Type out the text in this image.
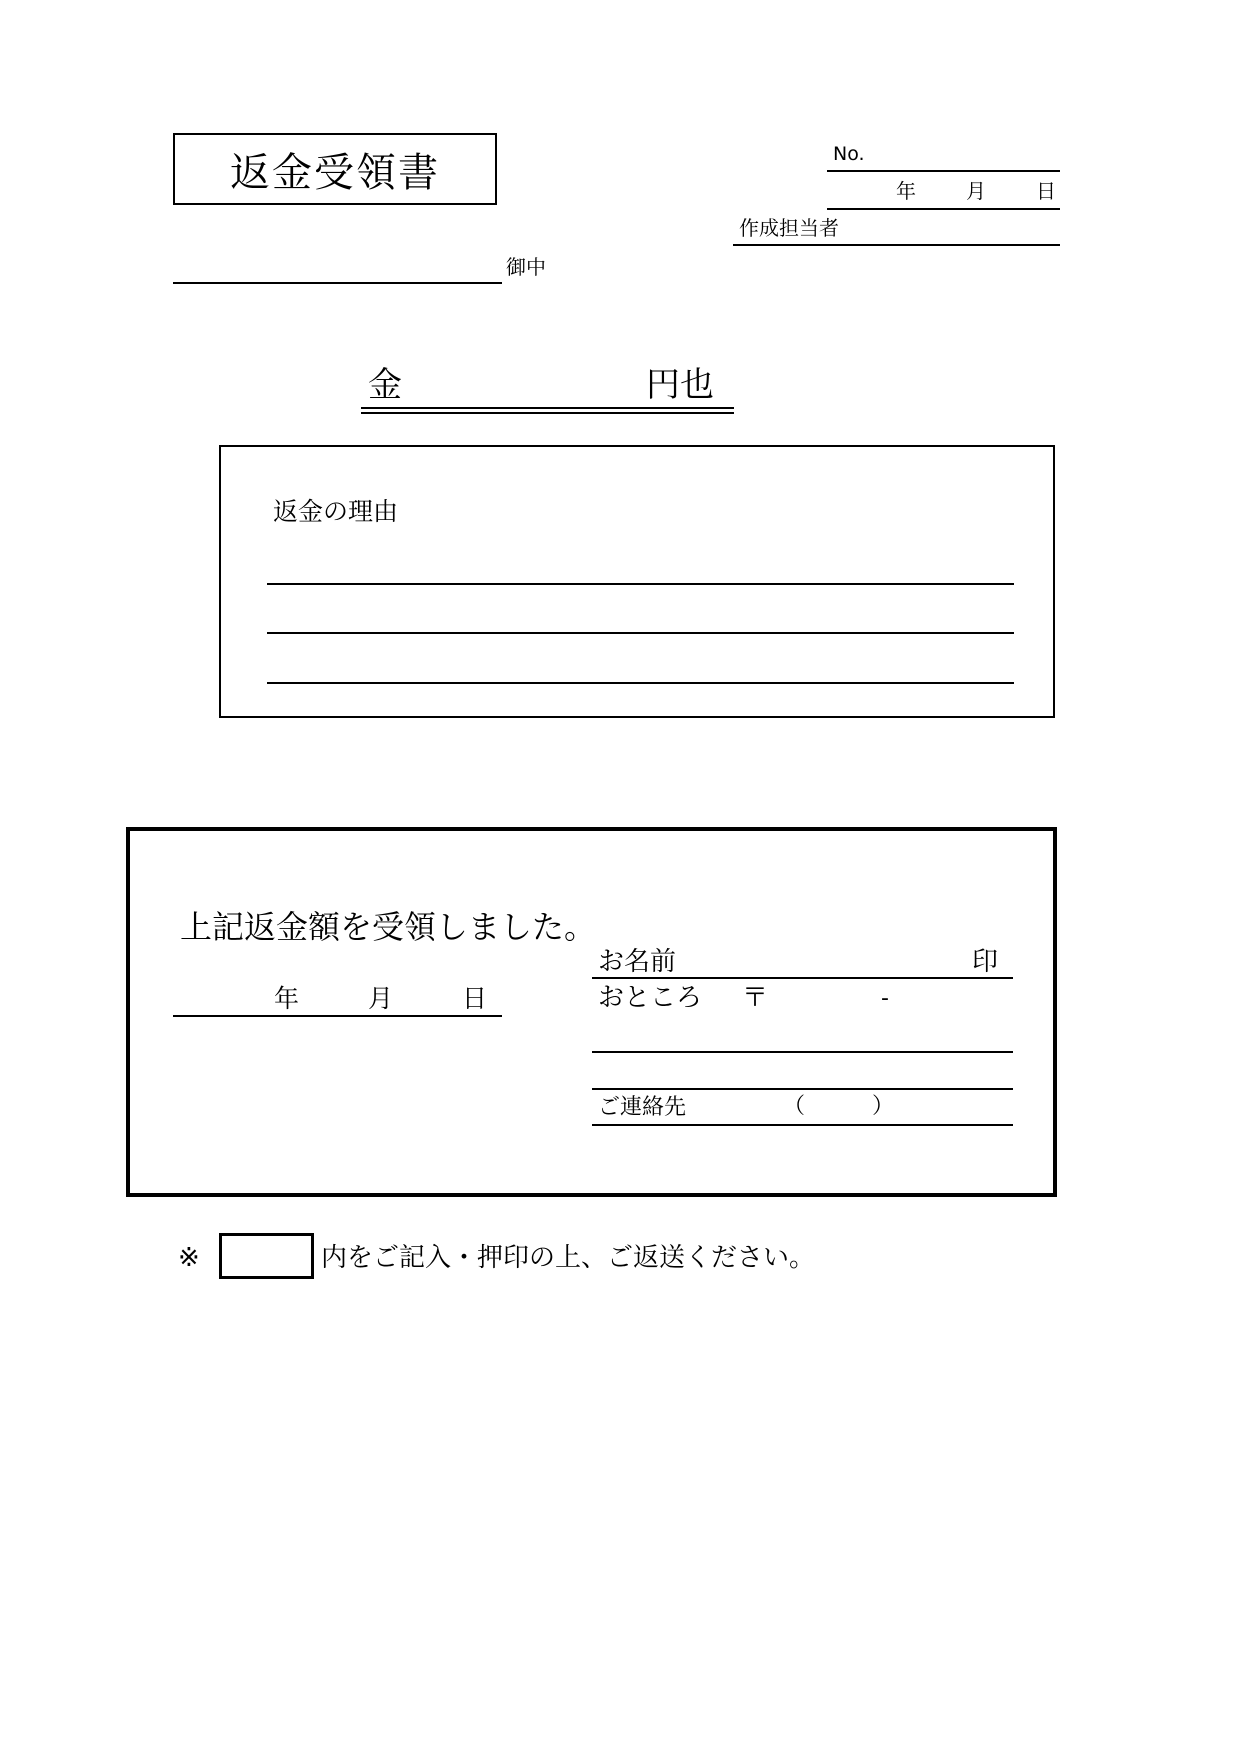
返金受領書	No.
年	月	日
作成担当者
御中
金	円也
返金の理由
上記返金額を受領しました。
年	月	日
お名前	印
おところ 〒	-
ご連絡先	（	）
※	内をご記入・押印の上、ご返送ください。
